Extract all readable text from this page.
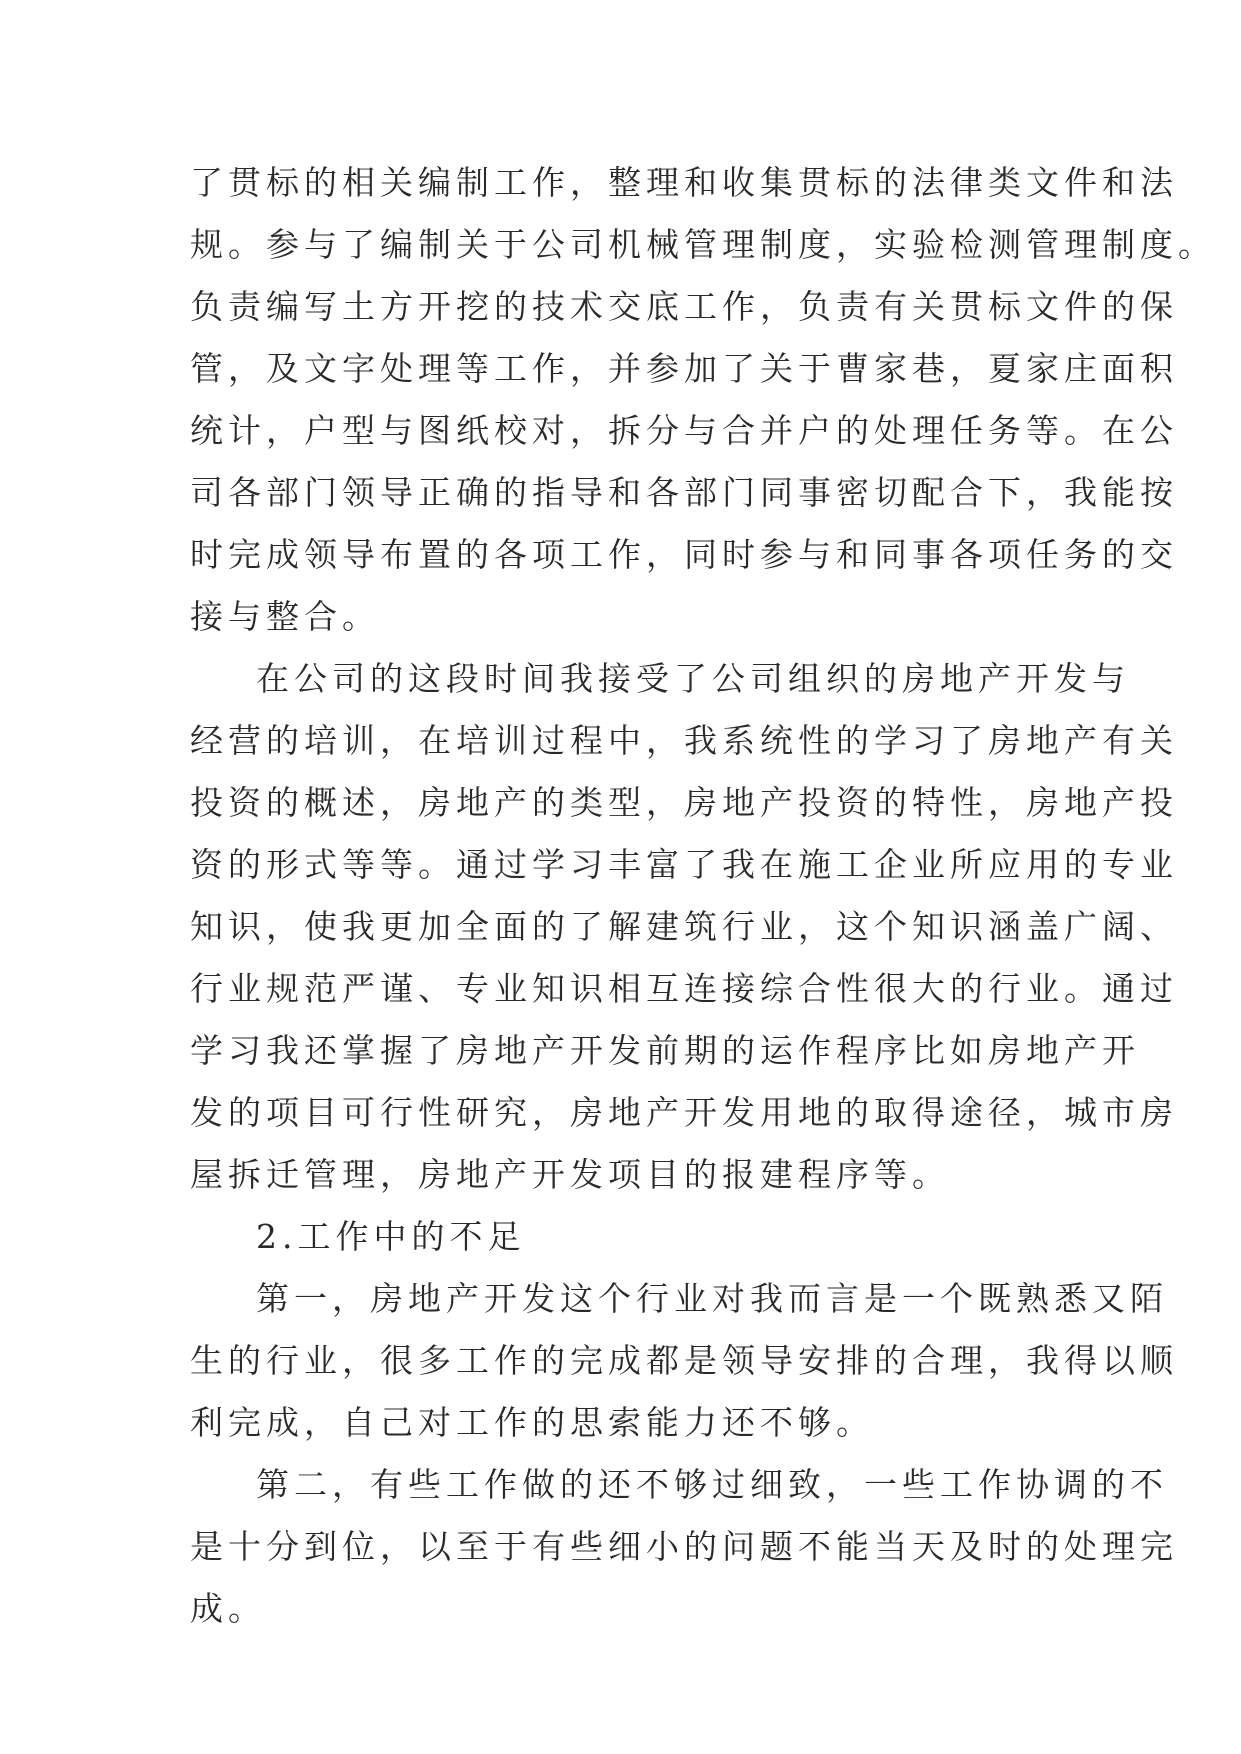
了贯标的相关编制工作，整理和收集贯标的法律类文件和法
规。参与了编制关于公司机械管理制度，实验检测管理制度。
负责编写土方开挖的技术交底工作，负责有关贯标文件的保
管，及文字处理等工作，并参加了关于曹家巷，夏家庄面积
统计，户型与图纸校对，拆分与合并户的处理任务等。在公
司各部门领导正确的指导和各部门同事密切配合下，我能按
时完成领导布置的各项工作，同时参与和同事各项任务的交
接与整合。
在公司的这段时间我接受了公司组织的房地产开发与
经营的培训，在培训过程中，我系统性的学习了房地产有关
投资的概述，房地产的类型，房地产投资的特性，房地产投
资的形式等等。通过学习丰富了我在施工企业所应用的专业
知识，使我更加全面的了解建筑行业，这个知识涵盖广阔、
行业规范严谨、专业知识相互连接综合性很大的行业。通过
学习我还掌握了房地产开发前期的运作程序比如房地产开
发的项目可行性研究，房地产开发用地的取得途径，城市房
屋拆迁管理，房地产开发项目的报建程序等。
2.工作中的不足
第一，房地产开发这个行业对我而言是一个既熟悉又陌
生的行业，很多工作的完成都是领导安排的合理，我得以顺
利完成，自己对工作的思索能力还不够。
第二，有些工作做的还不够过细致，一些工作协调的不
是十分到位，以至于有些细小的问题不能当天及时的处理完
成。
